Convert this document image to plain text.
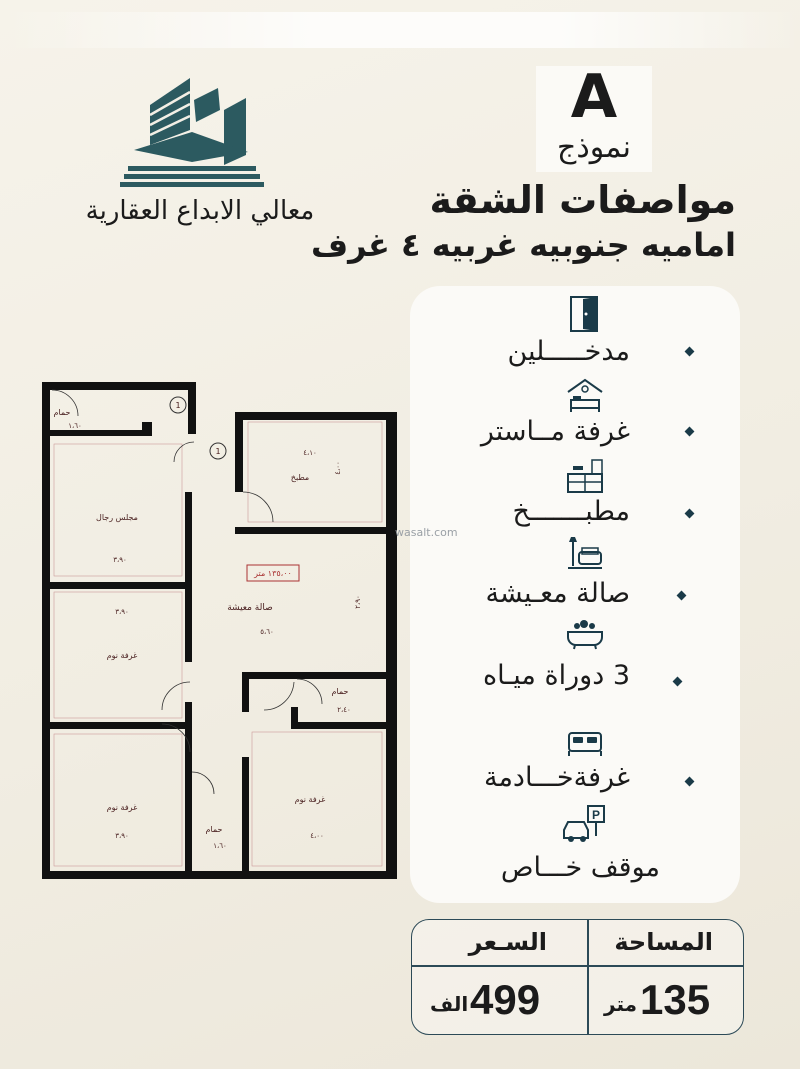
معالي الابداع العقارية
A
نموذج
مواصفات الشقة
اماميه جنوبيه غربيه ٤ غرف
مدخـــــلين
غرفة مــاستر
مطبـــــــخ
صالة معـيشة
3 دوراة ميـاه
غرفةخـــادمة
P
موقف خـــاص
المساحة
السـعر
135
متر
499
الف
حمام
١،٦٠
مطبخ
٤،١٠
مجلس رجال
٣،٩٠
صالة معيشة
٥،٦٠
غرفة نوم
٣،٩٠
حمام
٢،٤٠
غرفة نوم
٣،٩٠
غرفة نوم
٤،٠٠
حمام
١،٦٠
١٣٥،٠٠ متر
1
1
٤،٠٠
٢،٩٠
wasalt.com
